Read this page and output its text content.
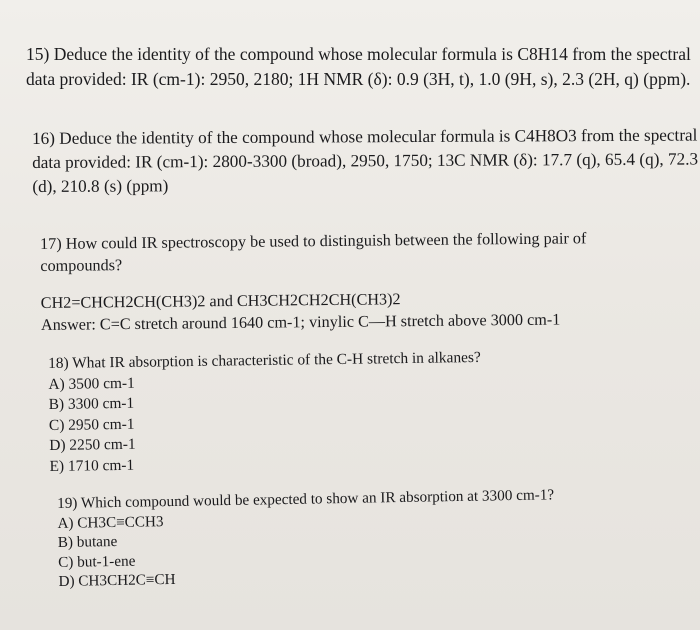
15) Deduce the identity of the compound whose molecular formula is C8H14 from the spectral
data provided: IR (cm-1): 2950, 2180; 1H NMR (δ): 0.9 (3H, t), 1.0 (9H, s), 2.3 (2H, q) (ppm).
16) Deduce the identity of the compound whose molecular formula is C4H8O3 from the spectral
data provided: IR (cm-1): 2800-3300 (broad), 2950, 1750; 13C NMR (δ): 17.7 (q), 65.4 (q), 72.3
(d), 210.8 (s) (ppm)
17) How could IR spectroscopy be used to distinguish between the following pair of
compounds?
CH2=CHCH2CH(CH3)2 and CH3CH2CH2CH(CH3)2
Answer: C=C stretch around 1640 cm-1; vinylic C—H stretch above 3000 cm-1
18) What IR absorption is characteristic of the C-H stretch in alkanes?
A) 3500 cm-1
B) 3300 cm-1
C) 2950 cm-1
D) 2250 cm-1
E) 1710 cm-1
19) Which compound would be expected to show an IR absorption at 3300 cm-1?
A) CH3C≡CCH3
B) butane
C) but-1-ene
D) CH3CH2C≡CH
